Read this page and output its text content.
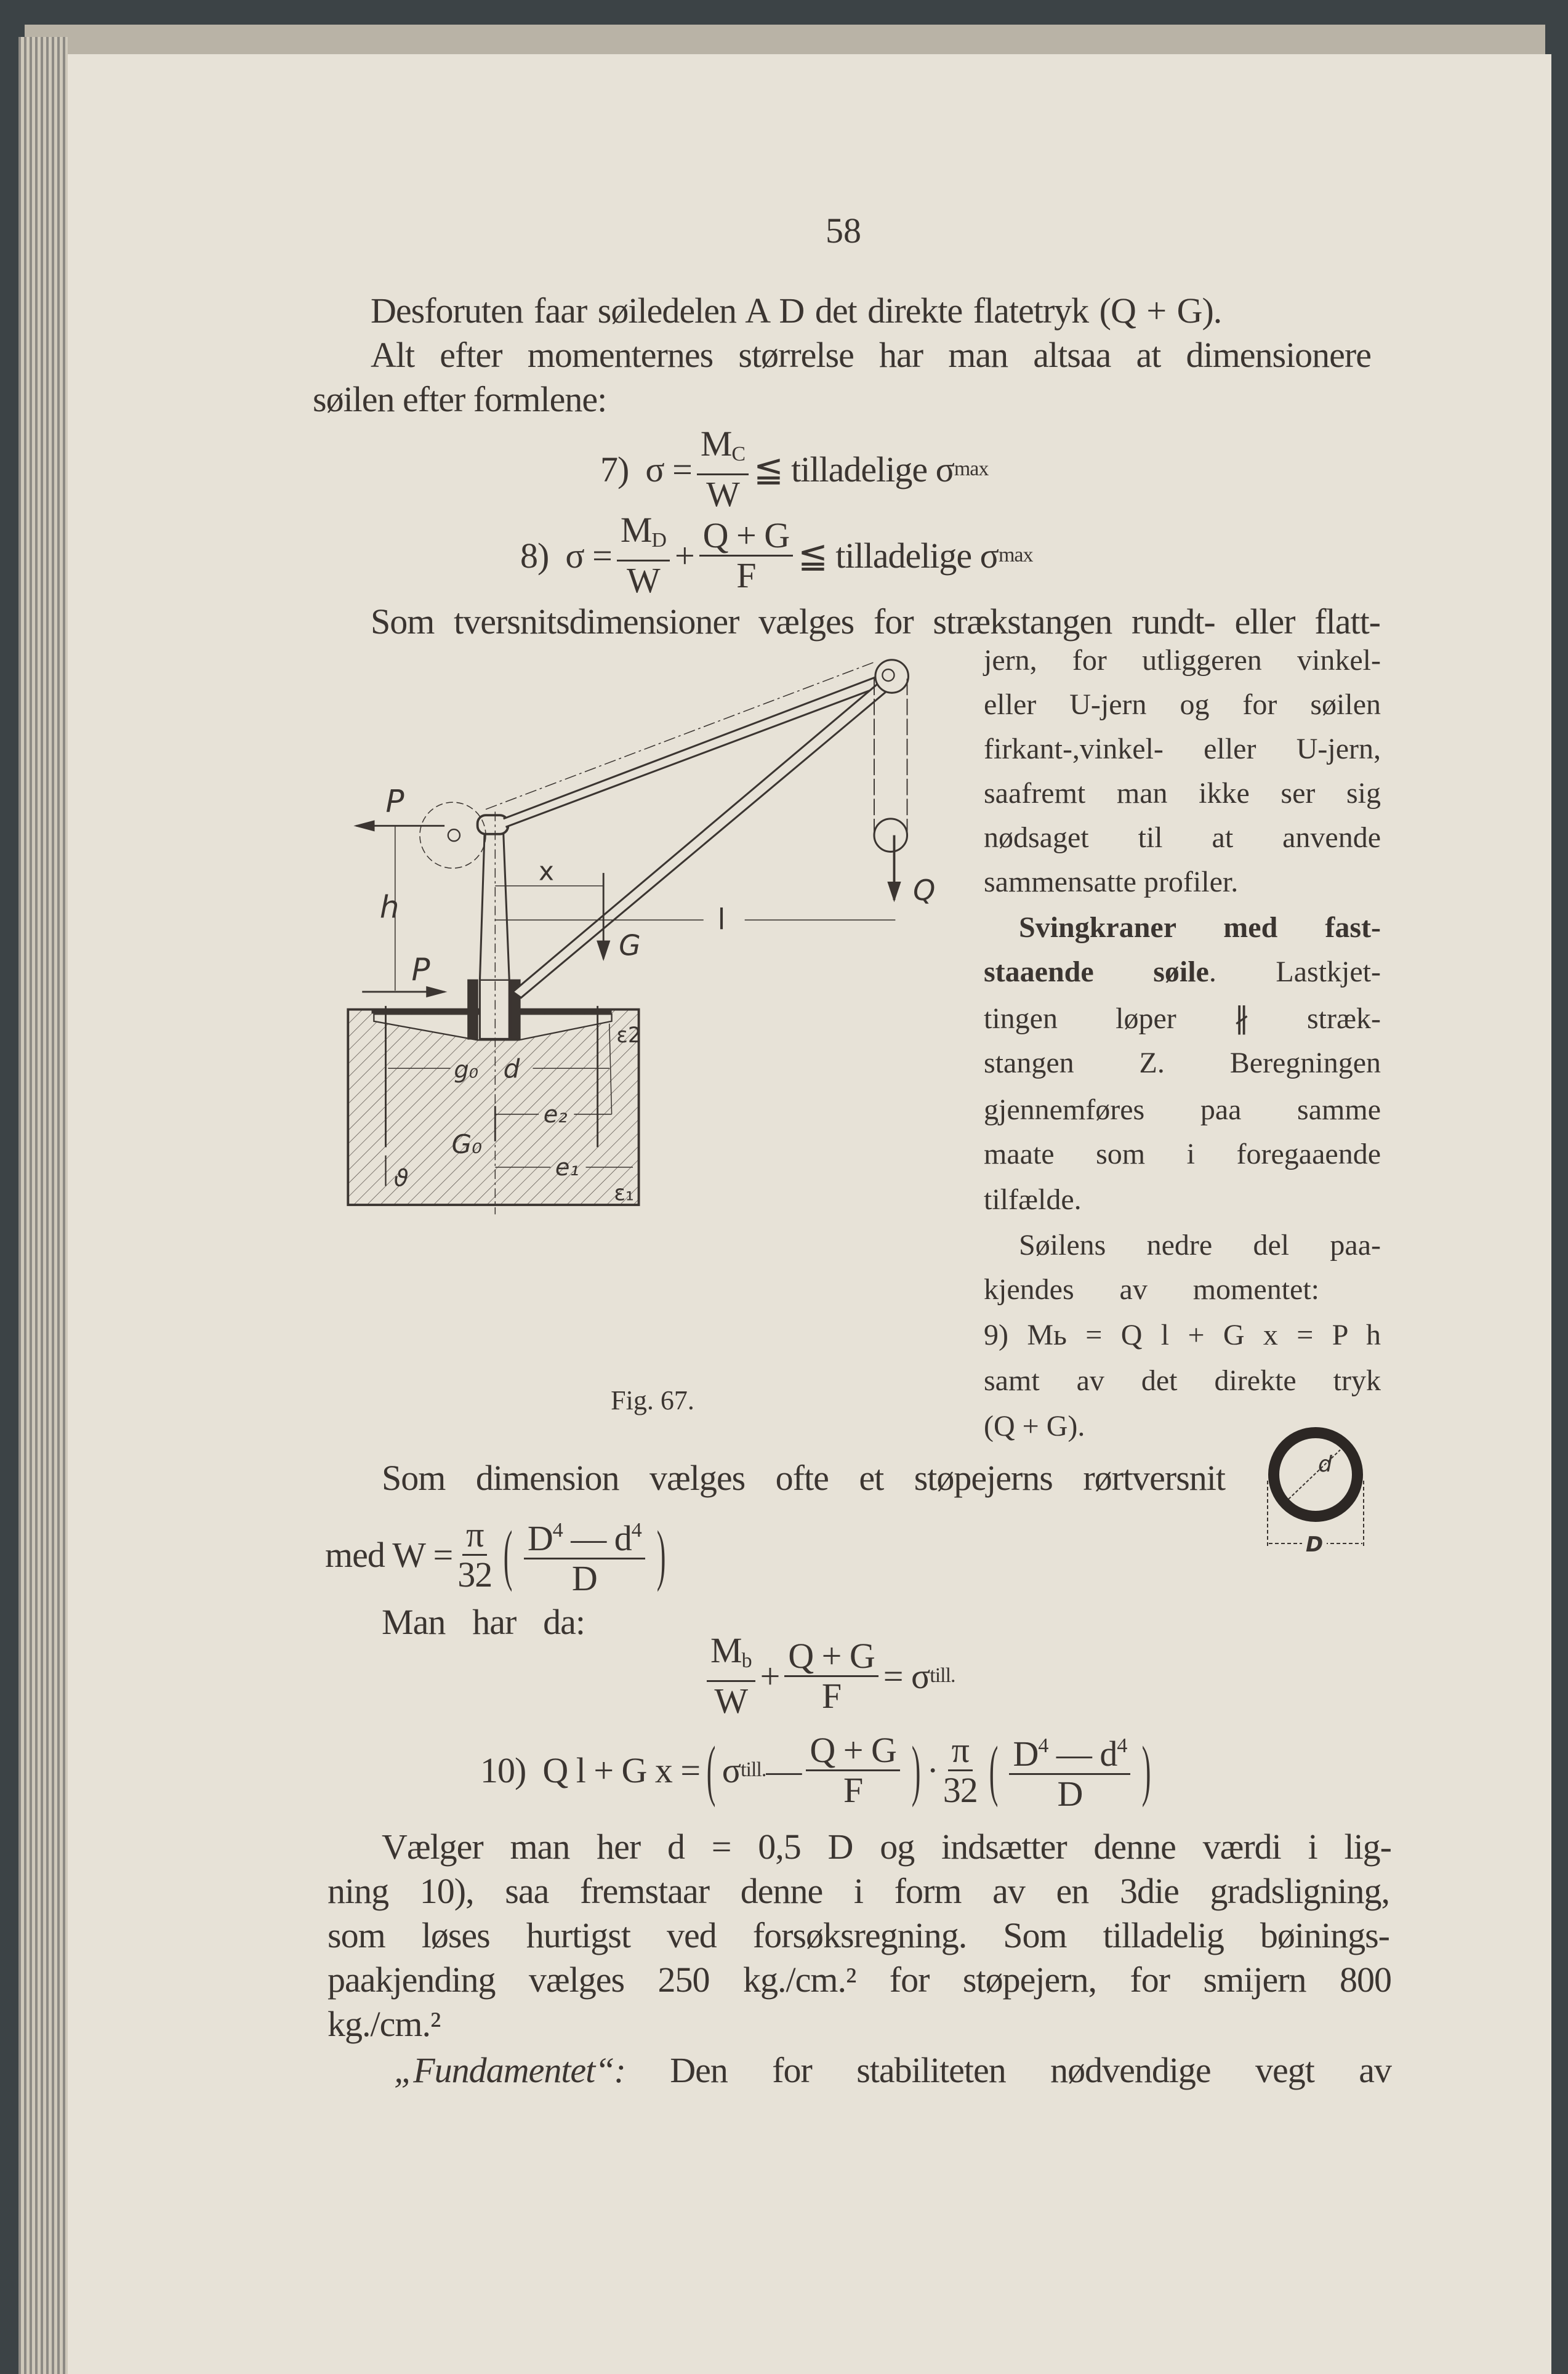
58
Desforuten faar søiledelen A D det direkte flatetryk (Q + G).
Alt efter momenternes størrelse har man altsaa at dimensionere
søilen efter formlene:
7)
$\sigma = \frac{M_C}{W}$ ≦ tilladelige σ max
8)
$\sigma = \frac{M_D}{W} + \frac{Q + G}{F}$ ≦ tilladelige σ max
Som tversnitsdimensioner vælges for strækstangen rundt- eller flatt-
jern, for utliggeren vinkel-
eller U-jern og for søilen
firkant-,vinkel- eller U-jern,
saafremt man ikke ser sig
nødsaget til at anvende
sammensatte profiler.
Svingkraner med fast-
staaende søile. Lastkjet-
tingen løper ∦ stræk-
stangen Z. Beregningen
gjennemføres paa samme
maate som i foregaaende
tilfælde.
Søilens nedre del paa-
kjendes av momentet:
9) Mь = Q l + G x = P h
samt av det direkte tryk
(Q + G).
P
h
P
x
l
G
Q
ε2
g₀ d
e₂
G₀
e₁
ε₁
ϑ
Fig. 67.
d
D
Som dimension vælges ofte et støpejerns rørtversnit
med $W = \frac{\pi}{32}$ ( $\frac{D^4 — d^4}{D}$ )
Man har da:
$\frac{M_b}{W} + \frac{Q + G}{F} = \sigma$ till.
10)
Q l + G x = ( σ till. — $\frac{Q + G}{F}$ ) · $\frac{\pi}{32}$ ( $\frac{D^4 — d^4}{D}$ )
Vælger man her d = 0,5 D og indsætter denne værdi i lig-
ning 10), saa fremstaar denne i form av en 3die gradsligning,
som løses hurtigst ved forsøksregning. Som tilladelig bøinings-
paakjending vælges 250 kg./cm.² for støpejern, for smijern 800
kg./cm.²
„Fundamentet“: Den for stabiliteten nødvendige vegt av
